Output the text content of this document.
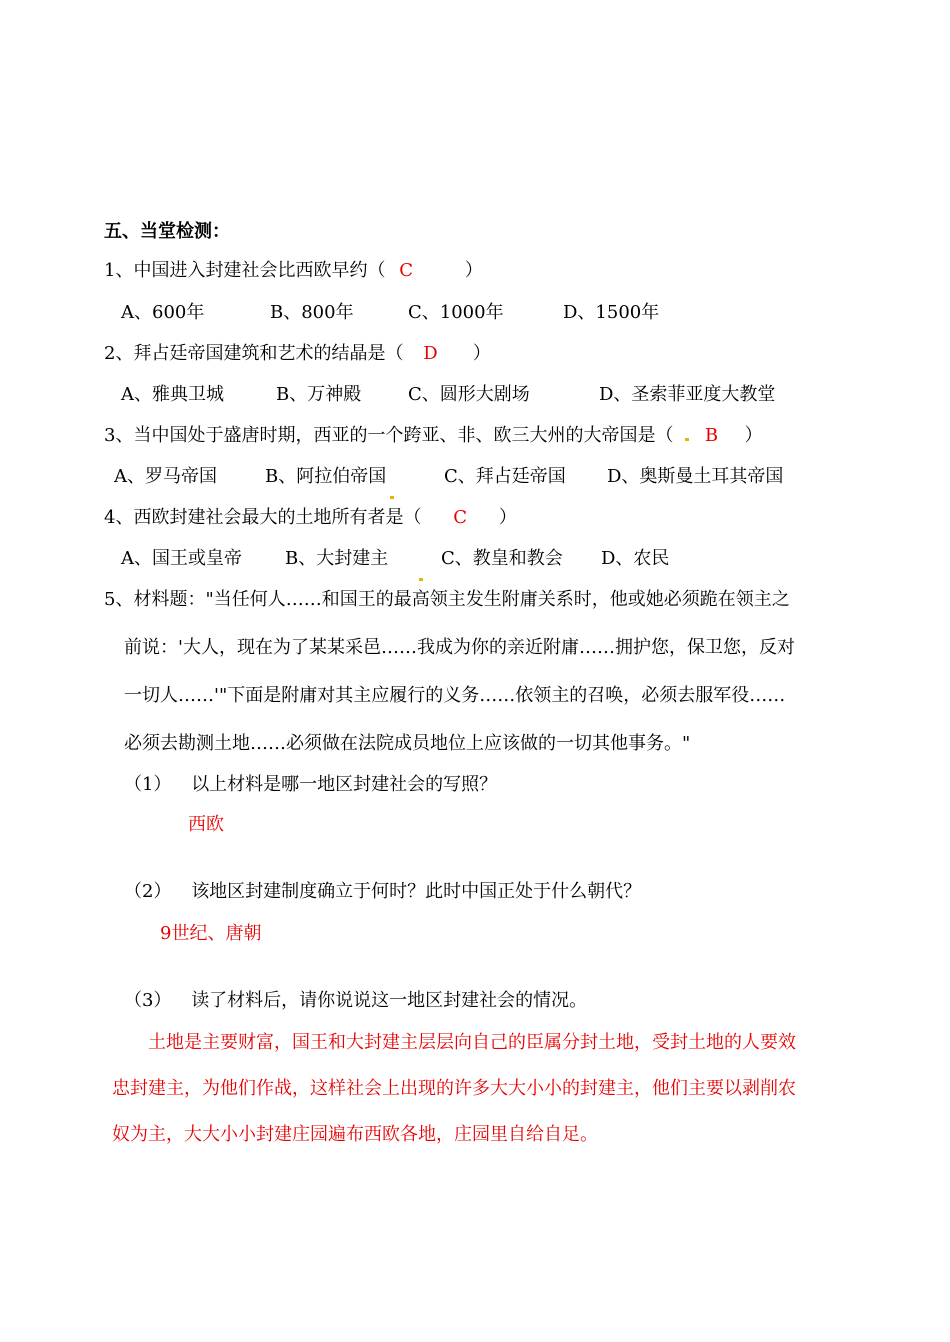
五、当堂检测：
1、中国进入封建社会比西欧早约（ C	）
A、600年	B、800年	C、1000年	D、1500年
2、拜占廷帝国建筑和艺术的结晶是（ D ）
A、雅典卫城	B、万神殿	C、圆形大剧场	D、圣索菲亚度大教堂
3、当中国处于盛唐时期，西亚的一个跨亚、非、欧三大州的大帝国是（ B ）
A、罗马帝国	B、阿拉伯帝国	C、拜占廷帝国 D、奥斯曼土耳其帝国
4、西欧封建社会最大的土地所有者是（ C ）
A、国王或皇帝 B、大封建主	C、教皇和教会 D、农民
5、材料题："当任何人……和国王的最高领主发生附庸关系时，他或她必须跪在领主之
前说：'大人，现在为了某某采邑……我成为你的亲近附庸……拥护您，保卫您，反对
一切人……'"下面是附庸对其主应履行的义务……依领主的召唤，必须去服军役……
必须去勘测土地……必须做在法院成员地位上应该做的一切其他事务。"
（1） 以上材料是哪一地区封建社会的写照？
西欧
（2） 该地区封建制度确立于何时？此时中国正处于什么朝代？
9世纪、唐朝
（3） 读了材料后，请你说说这一地区封建社会的情况。
土地是主要财富，国王和大封建主层层向自己的臣属分封土地，受封土地的人要效
忠封建主，为他们作战，这样社会上出现的许多大大小小的封建主，他们主要以剥削农
奴为主，大大小小封建庄园遍布西欧各地，庄园里自给自足。
